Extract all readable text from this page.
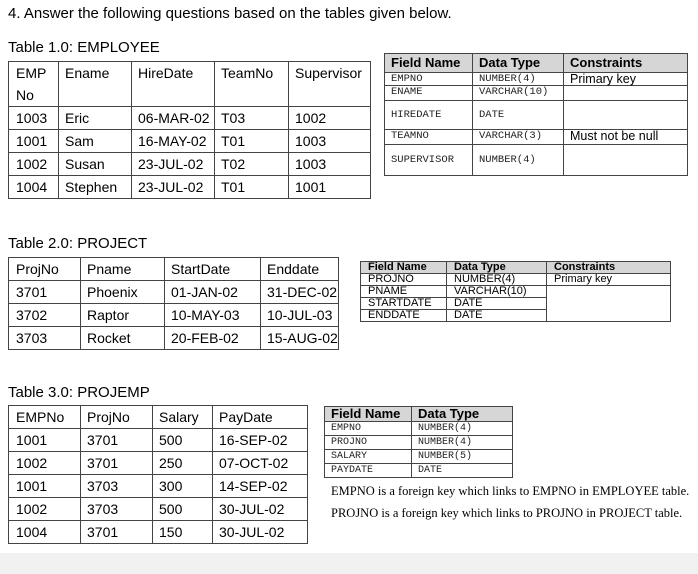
4. Answer the following questions based on the tables given below.
Table 1.0: EMPLOYEE
EMP No	Ename	HireDate	TeamNo	Supervisor
1003	Eric	06-MAR-02	T03	1002
1001	Sam	16-MAY-02	T01	1003
1002	Susan	23-JUL-02	T02	1003
1004	Stephen	23-JUL-02	T01	1001
Field Name	Data Type	Constraints
EMPNO	NUMBER(4)	Primary key
ENAME	VARCHAR(10)	
HIREDATE	DATE	
TEAMNO	VARCHAR(3)	Must not be null
SUPERVISOR	NUMBER(4)	
Table 2.0: PROJECT
ProjNo	Pname	StartDate	Enddate
3701	Phoenix	01-JAN-02	31-DEC-02
3702	Raptor	10-MAY-03	10-JUL-03
3703	Rocket	20-FEB-02	15-AUG-02
Field Name	Data Type	Constraints
PROJNO	NUMBER(4)	Primary key
PNAME	VARCHAR(10)	
STARTDATE	DATE	
ENDDATE	DATE	
Table 3.0: PROJEMP
EMPNo	ProjNo	Salary	PayDate
1001	3701	500	16-SEP-02
1002	3701	250	07-OCT-02
1001	3703	300	14-SEP-02
1002	3703	500	30-JUL-02
1004	3701	150	30-JUL-02
Field Name	Data Type
EMPNO	NUMBER(4)
PROJNO	NUMBER(4)
SALARY	NUMBER(5)
PAYDATE	DATE
EMPNO is a foreign key which links to EMPNO in EMPLOYEE table.
PROJNO is a foreign key which links to PROJNO in PROJECT table.
